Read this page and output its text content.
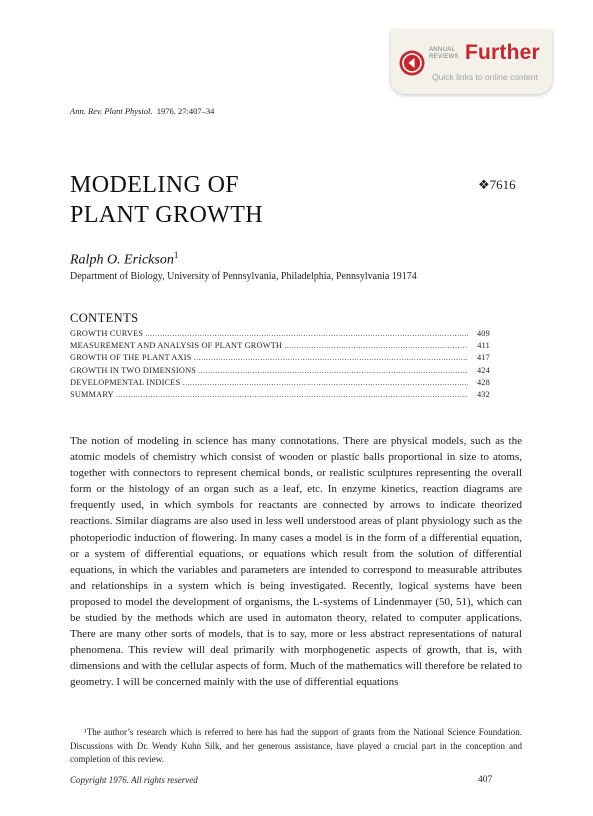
ANNUAL
REVIEWS Further
Quick links to online content
Ann. Rev. Plant Physiol. 1976. 27:407–34
MODELING OF
PLANT GROWTH
❖7616
Ralph O. Erickson$^1$
Department of Biology, University of Pennsylvania, Philadelphia, Pennsylvania 19174
CONTENTS
GROWTH CURVES .....	409
MEASUREMENT AND ANALYSIS OF PLANT GROWTH .....	411
GROWTH OF THE PLANT AXIS .....	417
GROWTH IN TWO DIMENSIONS .....	424
DEVELOPMENTAL INDICES .....	428
SUMMARY .....	432
The notion of modeling in science has many connotations. There are physical models, such as the atomic models of chemistry which consist of wooden or plastic balls proportional in size to atoms, together with connectors to represent chemical bonds, or realistic sculptures representing the overall form or the histology of an organ such as a leaf, etc. In enzyme kinetics, reaction diagrams are frequently used, in which symbols for reactants are connected by arrows to indicate theorized reactions. Similar diagrams are also used in less well understood areas of plant physiology such as the photoperiodic induction of flowering. In many cases a model is in the form of a differential equation, or a system of differential equations, or equations which result from the solution of differential equations, in which the variables and parameters are intended to correspond to measurable attributes and relationships in a system which is being investigated. Recently, logical systems have been proposed to model the development of organisms, the L-systems of Lindenmayer (50, 51), which can be studied by the methods which are used in automaton theory, related to computer applications. There are many other sorts of models, that is to say, more or less abstract representations of natural phenomena. This review will deal primarily with morphogenetic aspects of growth, that is, with dimensions and with the cellular aspects of form. Much of the mathematics will therefore be related to geometry. I will be concerned mainly with the use of differential equations

¹The author’s research which is referred to here has had the support of grants from the National Science Foundation. Discussions with Dr. Wendy Kuhn Silk, and her generous assistance, have played a crucial part in the conception and completion of this review.

Copyright 1976. All rights reserved	407
